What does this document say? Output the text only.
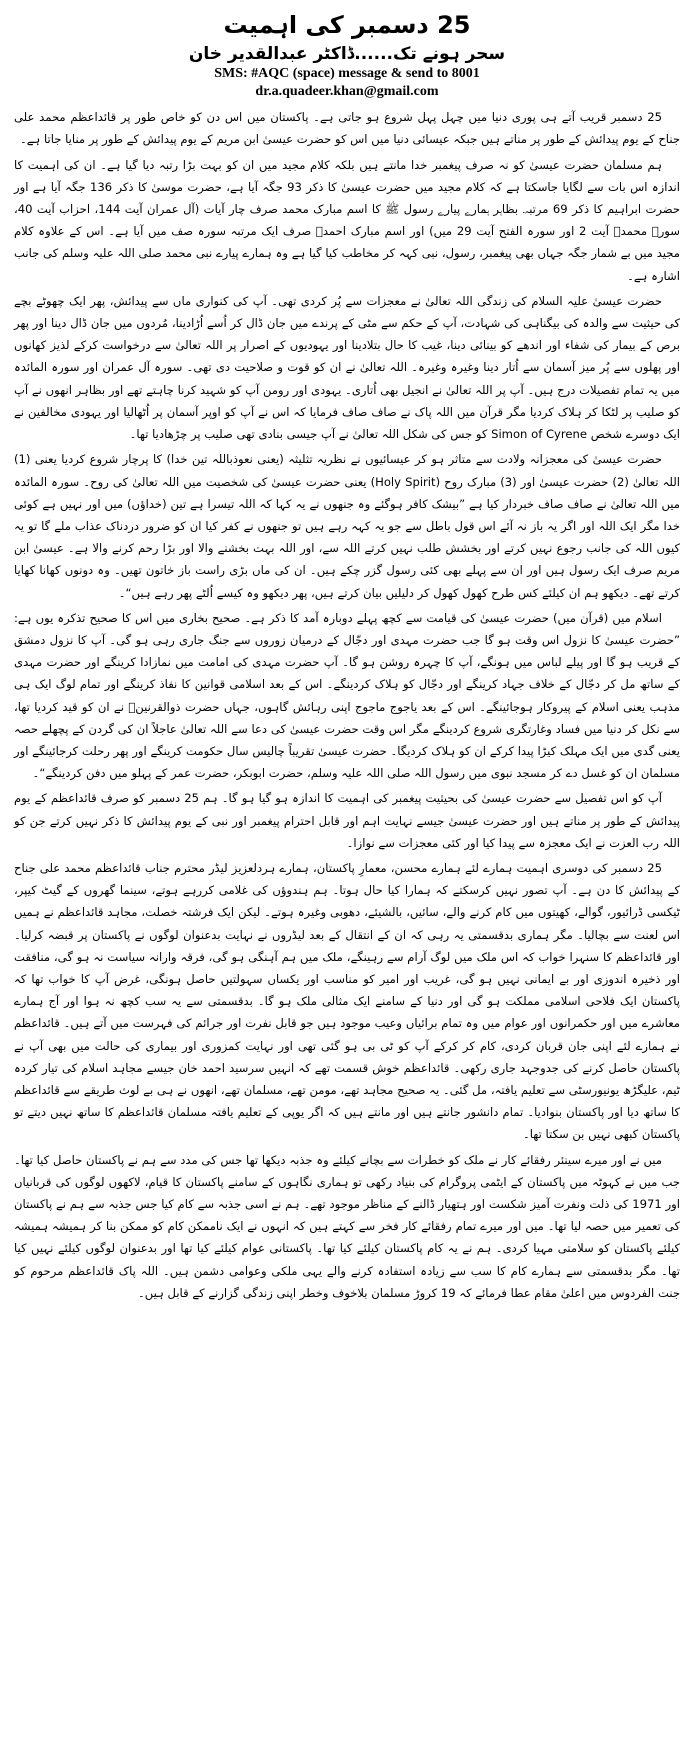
25 دسمبر کی اہمیت
سحر ہونے تک......ڈاکٹر عبدالقدیر خان
SMS: #AQC (space) message & send to 8001
dr.a.quadeer.khan@gmail.com

25 دسمبر قریب آتے ہی پوری دنیا میں چہل پہل شروع ہو جاتی ہے۔ پاکستان میں اس دن کو خاص طور پر قائداعظم محمد علی جناح کے یوم پیدائش کے طور پر مناتے ہیں جبکہ عیسائی دنیا میں اس کو حضرت عیسیٰ ابن مریم کے یوم پیدائش کے طور پر منایا جاتا ہے۔

ہم مسلمان حضرت عیسیٰ کو نہ صرف پیغمبر خدا مانتے ہیں بلکہ کلام مجید میں ان کو بہت بڑا رتبہ دیا گیا ہے۔ ان کی اہمیت کا اندازہ اس بات سے لگایا جاسکتا ہے کہ کلام مجید میں حضرت عیسیٰ کا ذکر 93 جگہ آیا ہے، حضرت موسیٰ کا ذکر 136 جگہ آیا ہے اور حضرت ابراہیم کا ذکر 69 مرتبہ۔ بظاہر ہمارے پیارے رسول ﷺ کا اسم مبارک محمد صرف چار آیات (آل عمران آیت 144، احزاب آیت 40، سورہ محمدؐ آیت 2 اور سورہ الفتح آیت 29 میں) اور اسم مبارک احمدؐ صرف ایک مرتبہ سورہ صف میں آیا ہے۔ اس کے علاوہ کلام مجید میں بے شمار جگہ جہاں بھی پیغمبر، رسول، نبی کہہ کر مخاطب کیا گیا ہے وہ ہمارے پیارے نبی محمد صلی اللہ علیہ وسلم کی جانب اشارہ ہے۔

حضرت عیسیٰ علیہ السلام کی زندگی اللہ تعالیٰ نے معجزات سے پُر کردی تھی۔ آپ کی کنواری ماں سے پیدائش، پھر ایک چھوٹے بچے کی حیثیت سے والدہ کی بیگناہی کی شہادت، آپ کے حکم سے مٹی کے پرندے میں جان ڈال کر اُسے اُڑادینا، مُردوں میں جان ڈال دینا اور پھر برص کے بیمار کی شفاء اور اندھے کو بینائی دینا، غیب کا حال بتلادینا اور یہودیوں کے اصرار پر اللہ تعالیٰ سے درخواست کرکے لذیز کھانوں اور پھلوں سے پُر میز آسمان سے اُتار دینا وغیرہ وغیرہ۔ اللہ تعالیٰ نے ان کو قوت و صلاحیت دی تھی۔ سورہ آل عمران اور سورہ المائدہ میں یہ تمام تفصیلات درج ہیں۔ آپ پر اللہ تعالیٰ نے انجیل بھی اُتاری۔ یہودی اور رومن آپ کو شہید کرنا چاہتے تھے اور بظاہر انھوں نے آپ کو صلیب پر لٹکا کر ہلاک کردیا مگر قرآن میں اللہ پاک نے صاف صاف فرمایا کہ اس نے آپ کو اوپر آسمان پر اُٹھالیا اور یہودی مخالفین نے ایک دوسرے شخص Simon of Cyrene کو جس کی شکل اللہ تعالیٰ نے آپ جیسی بنادی تھی صلیب پر چڑھادیا تھا۔

حضرت عیسیٰ کی معجزانہ ولادت سے متاثر ہو کر عیسائیوں نے نظریہ تثلیثہ (یعنی نعوذباللہ تین خدا) کا پرچار شروع کردیا یعنی (1) اللہ تعالیٰ (2) حضرت عیسیٰ اور (3) مبارک روح (Holy Spirit) یعنی حضرت عیسیٰ کی شخصیت میں اللہ تعالیٰ کی روح۔ سورہ المائدہ میں اللہ تعالیٰ نے صاف صاف خبردار کیا ہے ”بیشک کافر ہوگئے وہ جنھوں نے یہ کہا کہ اللہ تیسرا ہے تین (خداؤں) میں اور نہیں ہے کوئی خدا مگر ایک اللہ اور اگر یہ باز نہ آئے اس قول باطل سے جو یہ کہہ رہے ہیں تو جنھوں نے کفر کیا ان کو ضرور دردناک عذاب ملے گا تو یہ کیوں اللہ کی جانب رجوع نہیں کرتے اور بخشش طلب نہیں کرتے اللہ سے، اور اللہ بہت بخشنے والا اور بڑا رحم کرنے والا ہے۔ عیسیٰ ابن مریم صرف ایک رسول ہیں اور ان سے پہلے بھی کئی رسول گزر چکے ہیں۔ ان کی ماں بڑی راست باز خاتون تھیں۔ وہ دونوں کھانا کھایا کرتے تھے۔ دیکھو ہم ان کیلئے کس طرح کھول کھول کر دلیلیں بیان کرتے ہیں، پھر دیکھو وہ کیسے اُلٹے پھر رہے ہیں“۔

اسلام میں (قرآن میں) حضرت عیسیٰ کی قیامت سے کچھ پہلے دوبارہ آمد کا ذکر ہے۔ صحیح بخاری میں اس کا صحیح تذکرہ یوں ہے: ”حضرت عیسیٰ کا نزول اس وقت ہو گا جب حضرت مہدی اور دجّال کے درمیان زوروں سے جنگ جاری رہی ہو گی۔ آپ کا نزول دمشق کے قریب ہو گا اور پیلے لباس میں ہونگے، آپ کا چہرہ روشن ہو گا۔ آپ حضرت مہدی کی امامت میں نمازادا کرینگے اور حضرت مہدی کے ساتھ مل کر دجّال کے خلاف جہاد کرینگے اور دجّال کو ہلاک کردینگے۔ اس کے بعد اسلامی قوانین کا نفاذ کرینگے اور تمام لوگ ایک ہی مذہب یعنی اسلام کے پیروکار ہوجائینگے۔ اس کے بعد یاجوج ماجوج اپنی رہائش گاہوں، جہاں حضرت ذوالقرنینؑ نے ان کو قید کردیا تھا، سے نکل کر دنیا میں فساد وغارتگری شروع کردینگے مگر اس وقت حضرت عیسیٰ کی دعا سے اللہ تعالیٰ عاجلاً ان کی گردن کے پچھلے حصہ یعنی گدی میں ایک مہلک کیڑا پیدا کرکے ان کو ہلاک کردیگا۔ حضرت عیسیٰ تقریباً چالیس سال حکومت کرینگے اور پھر رحلت کرجائینگے اور مسلمان ان کو غسل دے کر مسجد نبوی میں رسول اللہ صلی اللہ علیہ وسلم، حضرت ابوبکر، حضرت عمر کے پہلو میں دفن کردینگے“۔

آپ کو اس تفصیل سے حضرت عیسیٰ کی بحیثیت پیغمبر کی اہمیت کا اندازہ ہو گیا ہو گا۔ ہم 25 دسمبر کو صرف قائداعظم کے یوم پیدائش کے طور پر مناتے ہیں اور حضرت عیسیٰ جیسے نہایت اہم اور قابل احترام پیغمبر اور نبی کے یوم پیدائش کا ذکر نہیں کرتے جن کو اللہ رب العزت نے ایک معجزہ سے پیدا کیا اور کئی معجزات سے نوازا۔

25 دسمبر کی دوسری اہمیت ہمارے لئے ہمارے محسن، معمارِ پاکستان، ہمارے ہردلعزیز لیڈر محترم جناب قائداعظم محمد علی جناح کے پیدائش کا دن ہے۔ آپ تصور نہیں کرسکتے کہ ہمارا کیا حال ہوتا۔ ہم ہندوؤں کی غلامی کررہے ہوتے، سینما گھروں کے گیٹ کیپر، ٹیکسی ڈرائیور، گوالے، کھیتوں میں کام کرنے والے، سائیں، بالشیئے، دھوبی وغیرہ ہوتے۔ لیکن ایک فرشتہ خصلت، مجاہد قائداعظم نے ہمیں اس لعنت سے بچالیا۔ مگر ہماری بدقسمتی یہ رہی کہ ان کے انتقال کے بعد لیڈروں نے نہایت بدعنوان لوگوں نے پاکستان پر قبضہ کرلیا۔ اور قائداعظم کا سنہرا خواب کہ اس ملک میں لوگ آرام سے رہینگے، ملک میں ہم آہنگی ہو گی، فرقہ وارانہ سیاست نہ ہو گی، منافقت اور ذخیرہ اندوزی اور بے ایمانی نہیں ہو گی، غریب اور امیر کو مناسب اور یکساں سہولتیں حاصل ہونگی، غرض آپ کا خواب تھا کہ پاکستان ایک فلاحی اسلامی مملکت ہو گی اور دنیا کے سامنے ایک مثالی ملک ہو گا۔ بدقسمتی سے یہ سب کچھ نہ ہوا اور آج ہمارے معاشرے میں اور حکمرانوں اور عوام میں وہ تمام برائیاں وعیب موجود ہیں جو قابل نفرت اور جرائم کی فہرست میں آتے ہیں۔ قائداعظم نے ہمارے لئے اپنی جان قربان کردی، کام کر کرکے آپ کو ٹی بی ہو گئی تھی اور نہایت کمزوری اور بیماری کی حالت میں بھی آپ نے پاکستان حاصل کرنے کی جدوجہد جاری رکھی۔ قائداعظم خوش قسمت تھے کہ انہیں سرسید احمد خان جیسے مجاہد اسلام کی تیار کردہ ٹیم، علیگڑھ یونیورسٹی سے تعلیم یافتہ، مل گئی۔ یہ صحیح مجاہد تھے، مومن تھے، مسلمان تھے، انھوں نے ہی بے لوث طریقے سے قائداعظم کا ساتھ دیا اور پاکستان بنوادیا۔ تمام دانشور جانتے ہیں اور مانتے ہیں کہ اگر یوپی کے تعلیم یافتہ مسلمان قائداعظم کا ساتھ نہیں دیتے تو پاکستان کبھی نہیں بن سکتا تھا۔

میں نے اور میرے سینئر رفقائے کار نے ملک کو خطرات سے بچانے کیلئے وہ جذبہ دیکھا تھا جس کی مدد سے ہم نے پاکستان حاصل کیا تھا۔ جب میں نے کہوٹہ میں پاکستان کے ایٹمی پروگرام کی بنیاد رکھی تو ہماری نگاہوں کے سامنے پاکستان کا قیام، لاکھوں لوگوں کی قربانیاں اور 1971 کی ذلت ونفرت آمیز شکست اور ہتھیار ڈالنے کے مناظر موجود تھے۔ ہم نے اسی جذبہ سے کام کیا جس جذبہ سے ہم نے پاکستان کی تعمیر میں حصہ لیا تھا۔ میں اور میرے تمام رفقائے کار فخر سے کہتے ہیں کہ انہوں نے ایک ناممکن کام کو ممکن بنا کر ہمیشہ ہمیشہ کیلئے پاکستان کو سلامتی مہیا کردی۔ ہم نے یہ کام پاکستان کیلئے کیا تھا۔ پاکستانی عوام کیلئے کیا تھا اور بدعنوان لوگوں کیلئے نہیں کیا تھا۔ مگر بدقسمتی سے ہمارے کام کا سب سے زیادہ استفادہ کرنے والے یہی ملکی وعوامی دشمن ہیں۔ اللہ پاک قائداعظم مرحوم کو جنت الفردوس میں اعلیٰ مقام عطا فرمائے کہ 19 کروڑ مسلمان بلاخوف وخطر اپنی زندگی گزارنے کے قابل ہیں۔
